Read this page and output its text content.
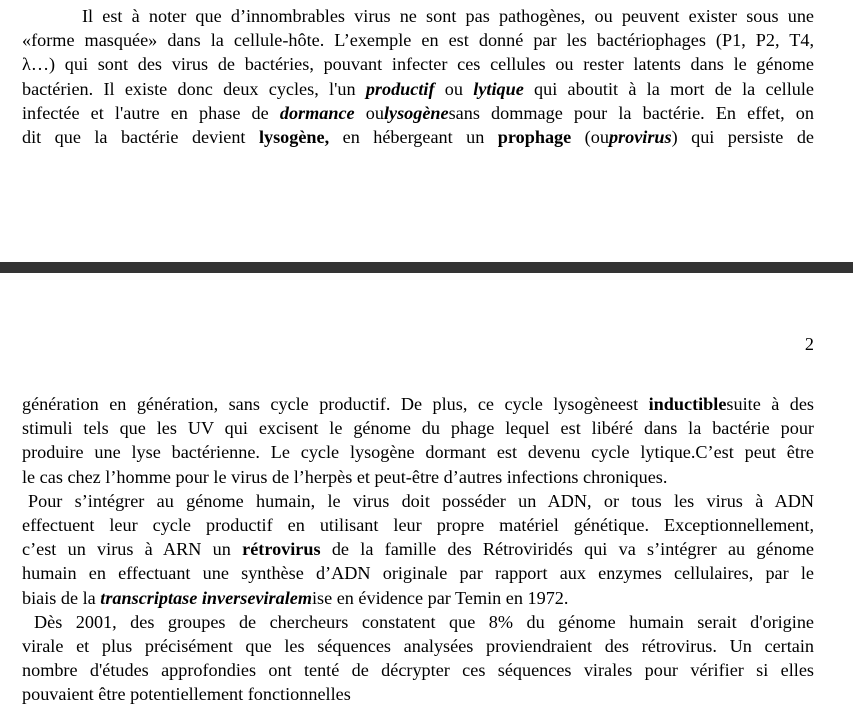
Il est à noter que d’innombrables virus ne sont pas pathogènes, ou peuvent exister sous une
«forme masquée» dans la cellule-hôte. L’exemple en est donné par les bactériophages (P1, P2, T4,
λ…) qui sont des virus de bactéries, pouvant infecter ces cellules ou rester latents dans le génome
bactérien. Il existe donc deux cycles, l'un productif ou lytique qui aboutit à la mort de la cellule
infectée et l'autre en phase de dormance oulysogènesans dommage pour la bactérie. En effet, on
dit que la bactérie devient lysogène, en hébergeant un prophage (ouprovirus) qui persiste de
2
génération en génération, sans cycle productif. De plus, ce cycle lysogèneest inductiblesuite à des
stimuli tels que les UV qui excisent le génome du phage lequel est libéré dans la bactérie pour
produire une lyse bactérienne. Le cycle lysogène dormant est devenu cycle lytique.C’est peut être
le cas chez l’homme pour le virus de l’herpès et peut-être d’autres infections chroniques.
Pour s’intégrer au génome humain, le virus doit posséder un ADN, or tous les virus à ADN
effectuent leur cycle productif en utilisant leur propre matériel génétique. Exceptionnellement,
c’est un virus à ARN un rétrovirus de la famille des Rétroviridés qui va s’intégrer au génome
humain en effectuant une synthèse d’ADN originale par rapport aux enzymes cellulaires, par le
biais de la transcriptase inverseviralemise en évidence par Temin en 1972.
Dès 2001, des groupes de chercheurs constatent que 8% du génome humain serait d'origine
virale et plus précisément que les séquences analysées proviendraient des rétrovirus. Un certain
nombre d'études approfondies ont tenté de décrypter ces séquences virales pour vérifier si elles
pouvaient être potentiellement fonctionnelles
